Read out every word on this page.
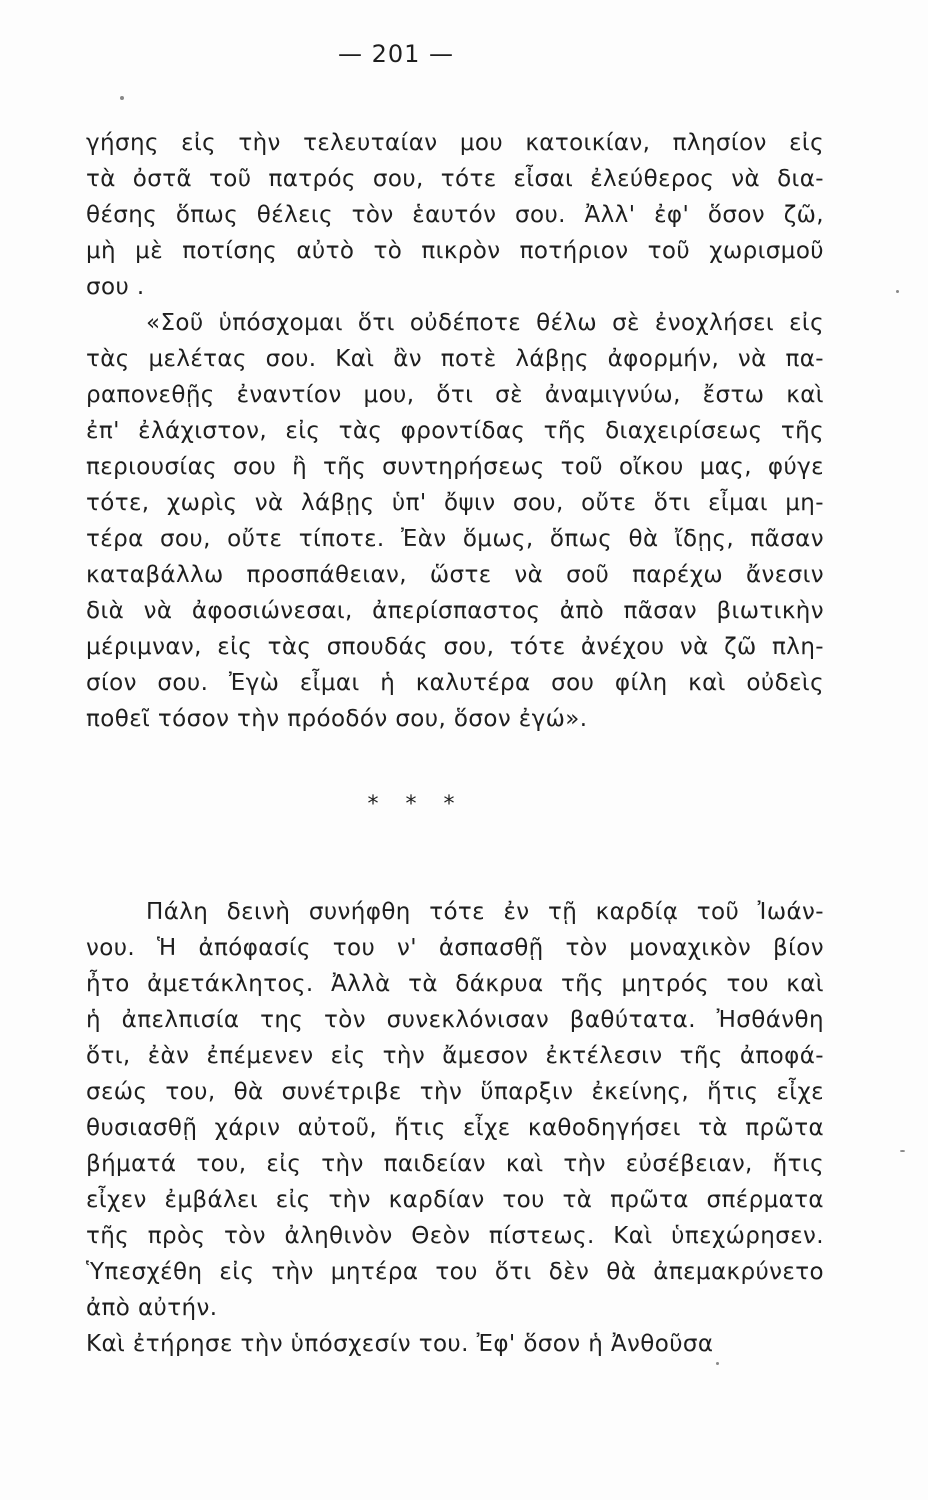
— 201 —
γήσης εἰς τὴν τελευταίαν μου κατοικίαν, πλησίον εἰς
τὰ ὀστᾶ τοῦ πατρός σου, τότε εἶσαι ἐλεύθερος νὰ δια-
θέσης ὅπως θέλεις τὸν ἑαυτόν σου. Ἀλλ' ἐφ' ὅσον ζῶ,
μὴ μὲ ποτίσης αὐτὸ τὸ πικρὸν ποτήριον τοῦ χωρισμοῦ
σου .
«Σοῦ ὑπόσχομαι ὅτι οὐδέποτε θέλω σὲ ἐνοχλήσει εἰς
τὰς μελέτας σου. Καὶ ἂν ποτὲ λάβῃς ἀφορμήν, νὰ πα-
ραπονεθῇς ἐναντίον μου, ὅτι σὲ ἀναμιγνύω, ἔστω καὶ
ἐπ' ἐλάχιστον, εἰς τὰς φροντίδας τῆς διαχειρίσεως τῆς
περιουσίας σου ἢ τῆς συντηρήσεως τοῦ οἴκου μας, φύγε
τότε, χωρὶς νὰ λάβῃς ὑπ' ὄψιν σου, οὔτε ὅτι εἶμαι μη-
τέρα σου, οὔτε τίποτε. Ἐὰν ὅμως, ὅπως θὰ ἴδῃς, πᾶσαν
καταβάλλω προσπάθειαν, ὥστε νὰ σοῦ παρέχω ἄνεσιν
διὰ νὰ ἀφοσιώνεσαι, ἀπερίσπαστος ἀπὸ πᾶσαν βιωτικὴν
μέριμναν, εἰς τὰς σπουδάς σου, τότε ἀνέχου νὰ ζῶ πλη-
σίον σου. Ἐγὼ εἶμαι ἡ καλυτέρα σου φίλη καὶ οὐδεὶς
ποθεῖ τόσον τὴν πρόοδόν σου, ὅσον ἐγώ».
* * *
Πάλη δεινὴ συνήφθη τότε ἐν τῇ καρδίᾳ τοῦ Ἰωάν-
νου. Ἡ ἀπόφασίς του ν' ἀσπασθῇ τὸν μοναχικὸν βίον
ἦτο ἀμετάκλητος. Ἀλλὰ τὰ δάκρυα τῆς μητρός του καὶ
ἡ ἀπελπισία της τὸν συνεκλόνισαν βαθύτατα. Ἠσθάνθη
ὅτι, ἐὰν ἐπέμενεν εἰς τὴν ἄμεσον ἐκτέλεσιν τῆς ἀποφά-
σεώς του, θὰ συνέτριβε τὴν ὕπαρξιν ἐκείνης, ἥτις εἶχε
θυσιασθῇ χάριν αὐτοῦ, ἥτις εἶχε καθοδηγήσει τὰ πρῶτα
βήματά του, εἰς τὴν παιδείαν καὶ τὴν εὐσέβειαν, ἥτις
εἶχεν ἐμβάλει εἰς τὴν καρδίαν του τὰ πρῶτα σπέρματα
τῆς πρὸς τὸν ἀληθινὸν Θεὸν πίστεως. Καὶ ὑπεχώρησεν.
Ὑπεσχέθη εἰς τὴν μητέρα του ὅτι δὲν θὰ ἀπεμακρύνετο
ἀπὸ αὐτήν.
Καὶ ἐτήρησε τὴν ὑπόσχεσίν του. Ἐφ' ὅσον ἡ Ἀνθοῦσα
